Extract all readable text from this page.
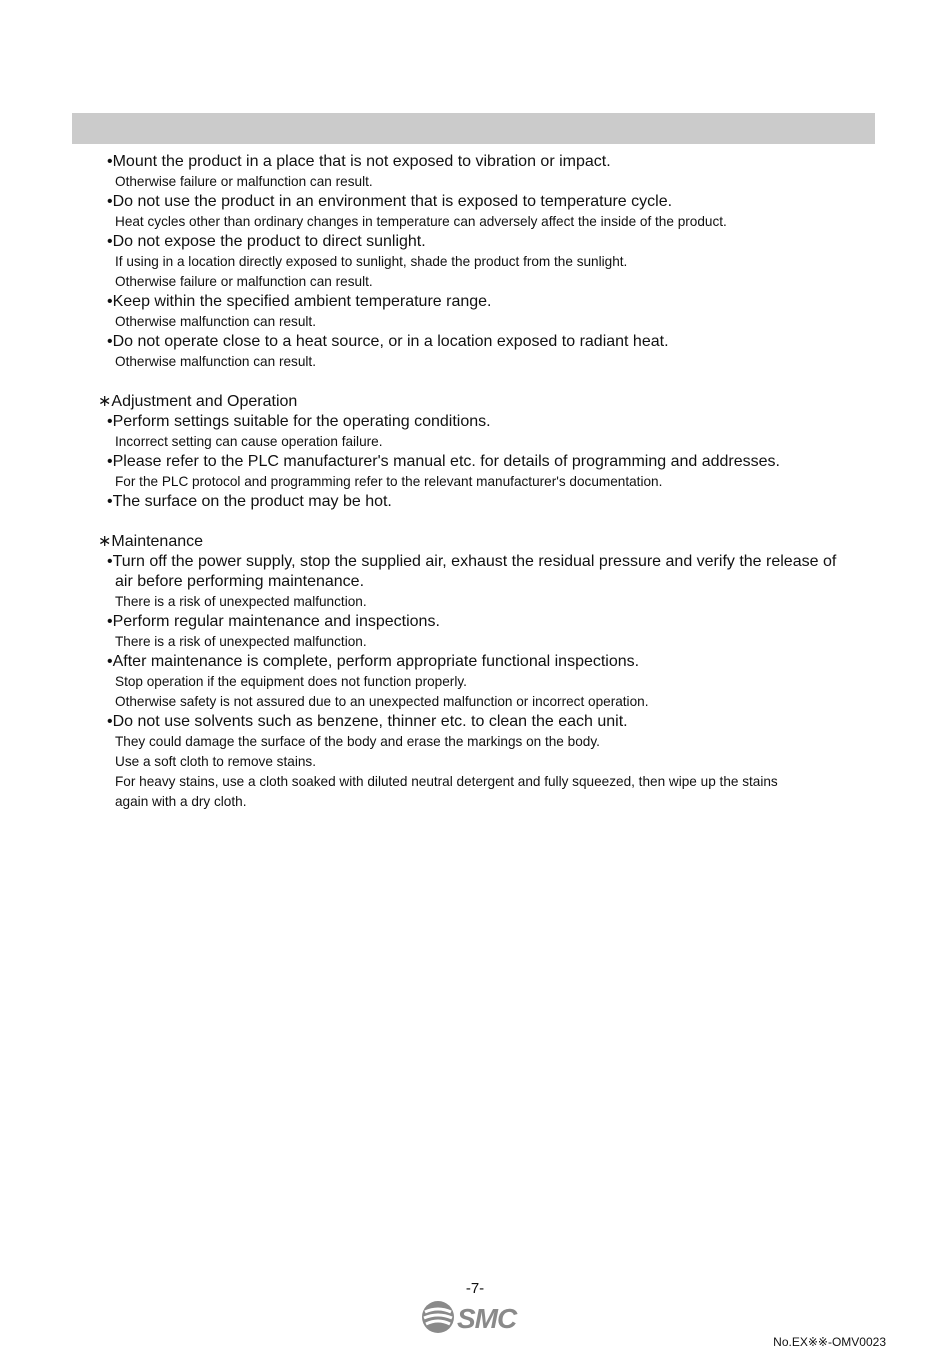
•Mount the product in a place that is not exposed to vibration or impact.
Otherwise failure or malfunction can result.
•Do not use the product in an environment that is exposed to temperature cycle.
Heat cycles other than ordinary changes in temperature can adversely affect the inside of the product.
•Do not expose the product to direct sunlight.
If using in a location directly exposed to sunlight, shade the product from the sunlight.
Otherwise failure or malfunction can result.
•Keep within the specified ambient temperature range.
Otherwise malfunction can result.
•Do not operate close to a heat source, or in a location exposed to radiant heat.
Otherwise malfunction can result.
∗Adjustment and Operation
•Perform settings suitable for the operating conditions.
Incorrect setting can cause operation failure.
•Please refer to the PLC manufacturer's manual etc. for details of programming and addresses.
For the PLC protocol and programming refer to the relevant manufacturer's documentation.
•The surface on the product may be hot.
∗Maintenance
•Turn off the power supply, stop the supplied air, exhaust the residual pressure and verify the release of
air before performing maintenance.
There is a risk of unexpected malfunction.
•Perform regular maintenance and inspections.
There is a risk of unexpected malfunction.
•After maintenance is complete, perform appropriate functional inspections.
Stop operation if the equipment does not function properly.
Otherwise safety is not assured due to an unexpected malfunction or incorrect operation.
•Do not use solvents such as benzene, thinner etc. to clean the each unit.
They could damage the surface of the body and erase the markings on the body.
Use a soft cloth to remove stains.
For heavy stains, use a cloth soaked with diluted neutral detergent and fully squeezed, then wipe up the stains
again with a dry cloth.
-7-
SMC
No.EX※※-OMV0023
